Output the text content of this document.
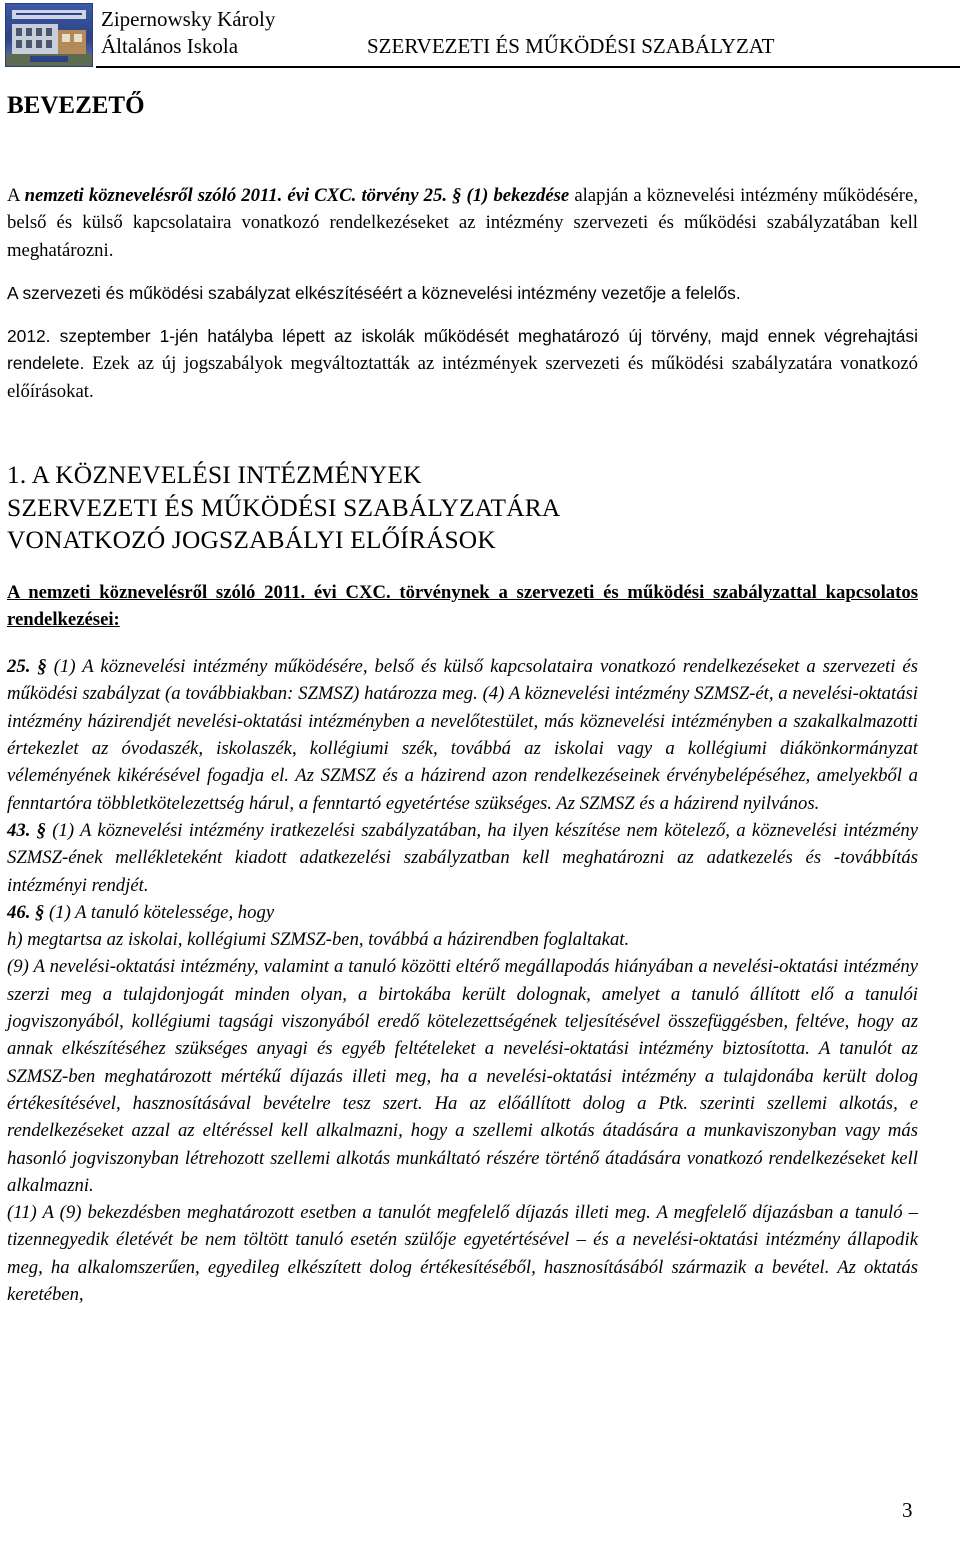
Zipernowsky Károly
Általános Iskola	SZERVEZETI ÉS MŰKÖDÉSI SZABÁLYZAT
BEVEZETŐ

A nemzeti köznevelésről szóló 2011. évi CXC. törvény 25. § (1) bekezdése alapján a köznevelési intézmény működésére, belső és külső kapcsolataira vonatkozó rendelkezéseket az intézmény szervezeti és működési szabályzatában kell meghatározni.

A szervezeti és működési szabályzat elkészítéséért a köznevelési intézmény vezetője a felelős.

2012. szeptember 1-jén hatályba lépett az iskolák működését meghatározó új törvény, majd ennek végrehajtási rendelete. Ezek az új jogszabályok megváltoztatták az intézmények szervezeti és működési szabályzatára vonatkozó előírásokat.

1. A KÖZNEVELÉSI INTÉZMÉNYEK
SZERVEZETI ÉS MŰKÖDÉSI SZABÁLYZATÁRA
VONATKOZÓ JOGSZABÁLYI ELŐÍRÁSOK

A nemzeti köznevelésről szóló 2011. évi CXC. törvénynek a szervezeti és működési szabályzattal kapcsolatos rendelkezései:

25. § (1) A köznevelési intézmény működésére, belső és külső kapcsolataira vonatkozó rendelkezéseket a szervezeti és működési szabályzat (a továbbiakban: SZMSZ) határozza meg. (4) A köznevelési intézmény SZMSZ-ét, a nevelési-oktatási intézmény házirendjét nevelési-oktatási intézményben a nevelőtestület, más köznevelési intézményben a szakalkalmazotti értekezlet az óvodaszék, iskolaszék, kollégiumi szék, továbbá az iskolai vagy a kollégiumi diákönkormányzat véleményének kikérésével fogadja el. Az SZMSZ és a házirend azon rendelkezéseinek érvénybelépéséhez, amelyekből a fenntartóra többletkötelezettség hárul, a fenntartó egyetértése szükséges. Az SZMSZ és a házirend nyilvános.

43. § (1) A köznevelési intézmény iratkezelési szabályzatában, ha ilyen készítése nem kötelező, a köznevelési intézmény SZMSZ-ének mellékleteként kiadott adatkezelési szabályzatban kell meghatározni az adatkezelés és -továbbítás intézményi rendjét.

46. § (1) A tanuló kötelessége, hogy

h) megtartsa az iskolai, kollégiumi SZMSZ-ben, továbbá a házirendben foglaltakat.

(9) A nevelési-oktatási intézmény, valamint a tanuló közötti eltérő megállapodás hiányában a nevelési-oktatási intézmény szerzi meg a tulajdonjogát minden olyan, a birtokába került dolognak, amelyet a tanuló állított elő a tanulói jogviszonyából, kollégiumi tagsági viszonyából eredő kötelezettségének teljesítésével összefüggésben, feltéve, hogy az annak elkészítéséhez szükséges anyagi és egyéb feltételeket a nevelési-oktatási intézmény biztosította. A tanulót az SZMSZ-ben meghatározott mértékű díjazás illeti meg, ha a nevelési-oktatási intézmény a tulajdonába került dolog értékesítésével, hasznosításával bevételre tesz szert. Ha az előállított dolog a Ptk. szerinti szellemi alkotás, e rendelkezéseket azzal az eltéréssel kell alkalmazni, hogy a szellemi alkotás átadására a munkaviszonyban vagy más hasonló jogviszonyban létrehozott szellemi alkotás munkáltató részére történő átadására vonatkozó rendelkezéseket kell alkalmazni.

(11) A (9) bekezdésben meghatározott esetben a tanulót megfelelő díjazás illeti meg. A megfelelő díjazásban a tanuló – tizennegyedik életévét be nem töltött tanuló esetén szülője egyetértésével – és a nevelési-oktatási intézmény állapodik meg, ha alkalomszerűen, egyedileg elkészített dolog értékesítéséből, hasznosításából származik a bevétel. Az oktatás keretében,

3
